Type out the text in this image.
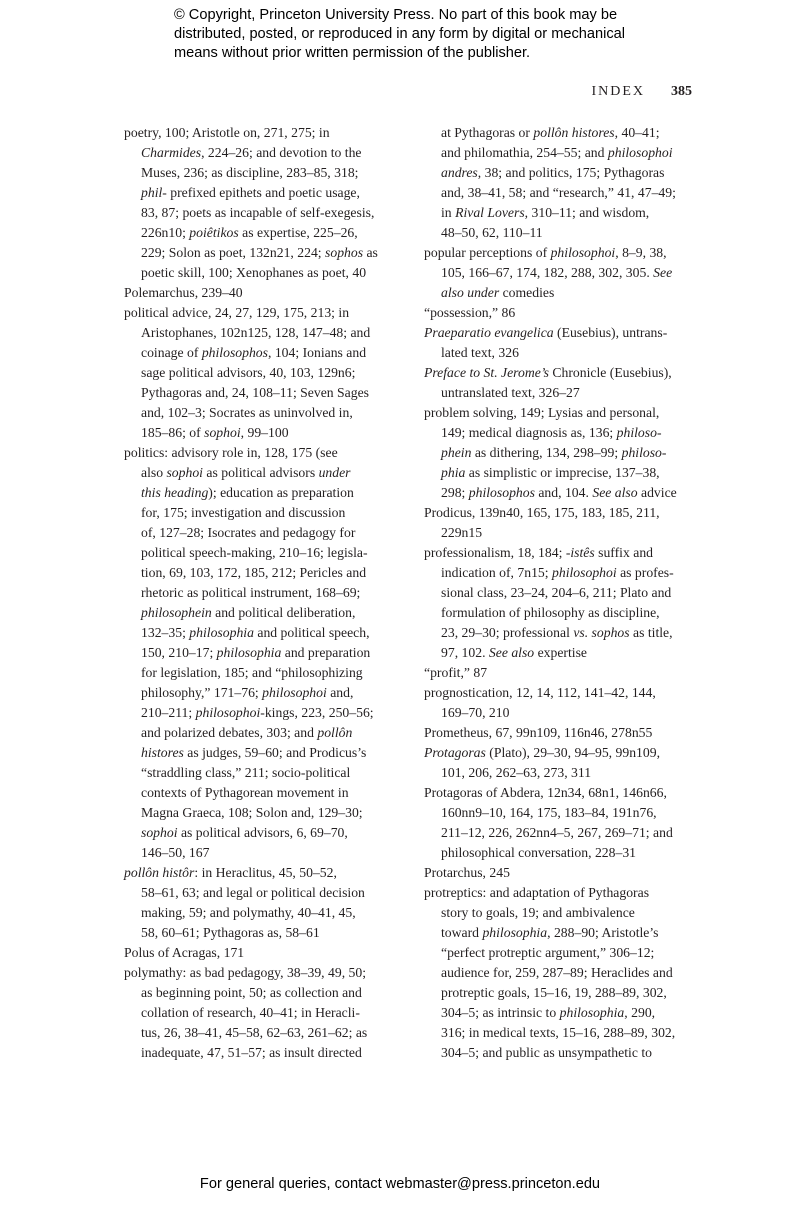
© Copyright, Princeton University Press. No part of this book may be
distributed, posted, or reproduced in any form by digital or mechanical
means without prior written permission of the publisher.
INDEX 385
poetry, 100; Aristotle on, 271, 275; in
Charmides, 224–26; and devotion to the
Muses, 236; as discipline, 283–85, 318;
phil- prefixed epithets and poetic usage,
83, 87; poets as incapable of self-exegesis,
226n10; poiêtikos as expertise, 225–26,
229; Solon as poet, 132n21, 224; sophos as
poetic skill, 100; Xenophanes as poet, 40
Polemarchus, 239–40
political advice, 24, 27, 129, 175, 213; in
Aristophanes, 102n125, 128, 147–48; and
coinage of philosophos, 104; Ionians and
sage political advisors, 40, 103, 129n6;
Pythagoras and, 24, 108–11; Seven Sages
and, 102–3; Socrates as uninvolved in,
185–86; of sophoi, 99–100
politics: advisory role in, 128, 175 (see
also sophoi as political advisors under
this heading); education as preparation
for, 175; investigation and discussion
of, 127–28; Isocrates and pedagogy for
political speech-making, 210–16; legisla-
tion, 69, 103, 172, 185, 212; Pericles and
rhetoric as political instrument, 168–69;
philosophein and political deliberation,
132–35; philosophia and political speech,
150, 210–17; philosophia and preparation
for legislation, 185; and “philosophizing
philosophy,” 171–76; philosophoi and,
210–211; philosophoi-kings, 223, 250–56;
and polarized debates, 303; and pollôn
histores as judges, 59–60; and Prodicus’s
“straddling class,” 211; socio-political
contexts of Pythagorean movement in
Magna Graeca, 108; Solon and, 129–30;
sophoi as political advisors, 6, 69–70,
146–50, 167
pollôn histôr: in Heraclitus, 45, 50–52,
58–61, 63; and legal or political decision
making, 59; and polymathy, 40–41, 45,
58, 60–61; Pythagoras as, 58–61
Polus of Acragas, 171
polymathy: as bad pedagogy, 38–39, 49, 50;
as beginning point, 50; as collection and
collation of research, 40–41; in Heracli-
tus, 26, 38–41, 45–58, 62–63, 261–62; as
inadequate, 47, 51–57; as insult directed
at Pythagoras or pollôn histores, 40–41;
and philomathia, 254–55; and philosophoi
andres, 38; and politics, 175; Pythagoras
and, 38–41, 58; and “research,” 41, 47–49;
in Rival Lovers, 310–11; and wisdom,
48–50, 62, 110–11
popular perceptions of philosophoi, 8–9, 38,
105, 166–67, 174, 182, 288, 302, 305. See
also under comedies
“possession,” 86
Praeparatio evangelica (Eusebius), untrans-
lated text, 326
Preface to St. Jerome’s Chronicle (Eusebius),
untranslated text, 326–27
problem solving, 149; Lysias and personal,
149; medical diagnosis as, 136; philoso-
phein as dithering, 134, 298–99; philoso-
phia as simplistic or imprecise, 137–38,
298; philosophos and, 104. See also advice
Prodicus, 139n40, 165, 175, 183, 185, 211,
229n15
professionalism, 18, 184; -istês suffix and
indication of, 7n15; philosophoi as profes-
sional class, 23–24, 204–6, 211; Plato and
formulation of philosophy as discipline,
23, 29–30; professional vs. sophos as title,
97, 102. See also expertise
“profit,” 87
prognostication, 12, 14, 112, 141–42, 144,
169–70, 210
Prometheus, 67, 99n109, 116n46, 278n55
Protagoras (Plato), 29–30, 94–95, 99n109,
101, 206, 262–63, 273, 311
Protagoras of Abdera, 12n34, 68n1, 146n66,
160nn9–10, 164, 175, 183–84, 191n76,
211–12, 226, 262nn4–5, 267, 269–71; and
philosophical conversation, 228–31
Protarchus, 245
protreptics: and adaptation of Pythagoras
story to goals, 19; and ambivalence
toward philosophia, 288–90; Aristotle’s
“perfect protreptic argument,” 306–12;
audience for, 259, 287–89; Heraclides and
protreptic goals, 15–16, 19, 288–89, 302,
304–5; as intrinsic to philosophia, 290,
316; in medical texts, 15–16, 288–89, 302,
304–5; and public as unsympathetic to
For general queries, contact webmaster@press.princeton.edu
